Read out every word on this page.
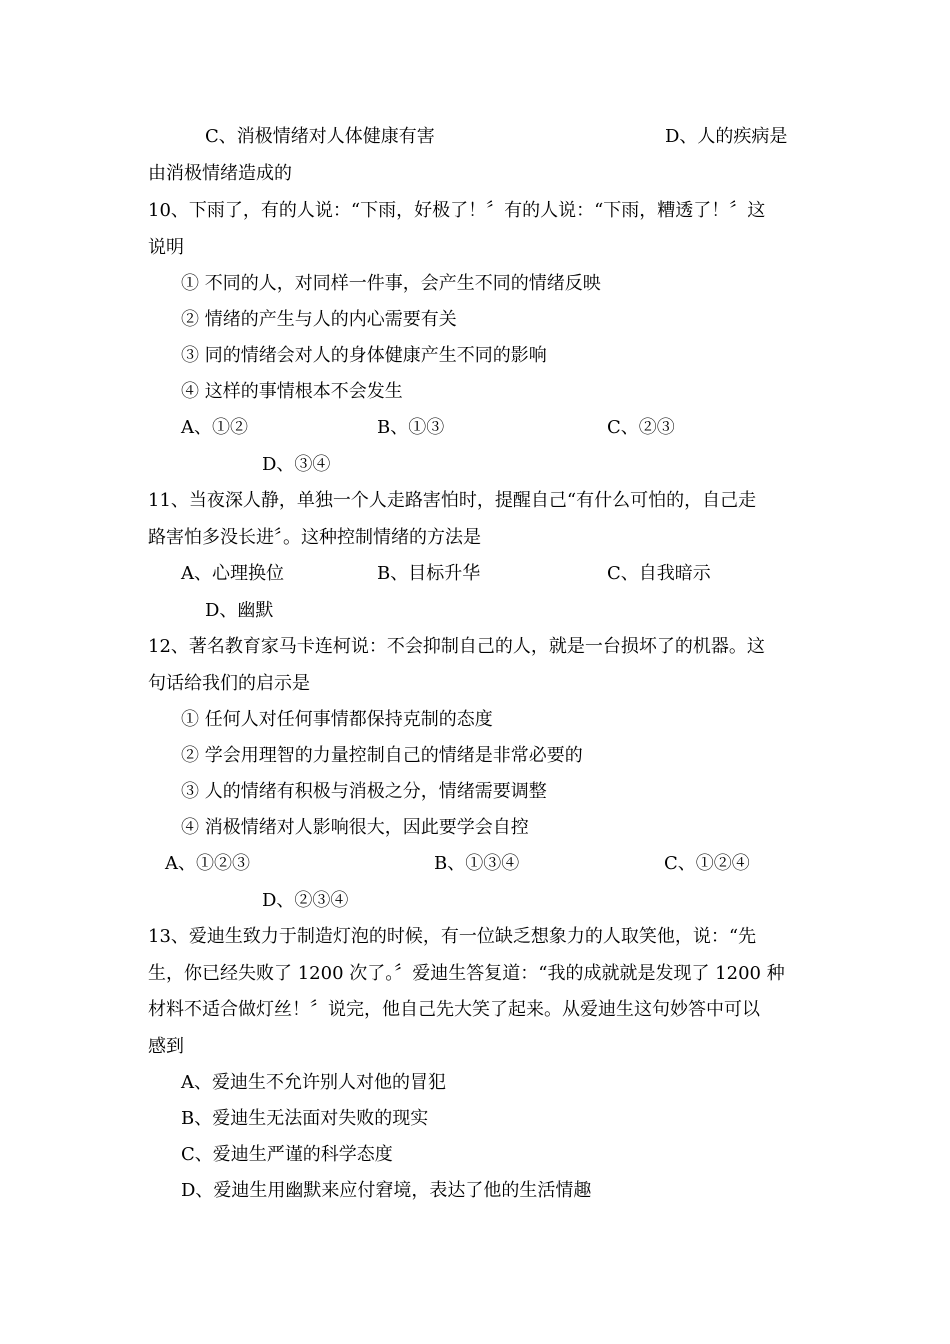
C、消极情绪对人体健康有害	D、人的疾病是
由消极情绪造成的
10、下雨了，有的人说：“下雨，好极了！〞有的人说：“下雨，糟透了！〞这
说明
① 不同的人，对同样一件事，会产生不同的情绪反映
② 情绪的产生与人的内心需要有关
③ 同的情绪会对人的身体健康产生不同的影响
④ 这样的事情根本不会发生
A、①②	B、①③	C、②③
D、③④
11、当夜深人静，单独一个人走路害怕时，提醒自己“有什么可怕的，自己走
路害怕多没长进〞。这种控制情绪的方法是
A、心理换位	B、目标升华	C、自我暗示
D、幽默
12、著名教育家马卡连柯说：不会抑制自己的人，就是一台损坏了的机器。这
句话给我们的启示是
① 任何人对任何事情都保持克制的态度
② 学会用理智的力量控制自己的情绪是非常必要的
③ 人的情绪有积极与消极之分，情绪需要调整
④ 消极情绪对人影响很大，因此要学会自控
A、①②③	B、①③④	C、①②④
D、②③④
13、爱迪生致力于制造灯泡的时候，有一位缺乏想象力的人取笑他，说：“先
生，你已经失败了 1200 次了。〞爱迪生答复道：“我的成就就是发现了 1200 种
材料不适合做灯丝！〞说完，他自己先大笑了起来。从爱迪生这句妙答中可以
感到
A、爱迪生不允许别人对他的冒犯
B、爱迪生无法面对失败的现实
C、爱迪生严谨的科学态度
D、爱迪生用幽默来应付窘境，表达了他的生活情趣
